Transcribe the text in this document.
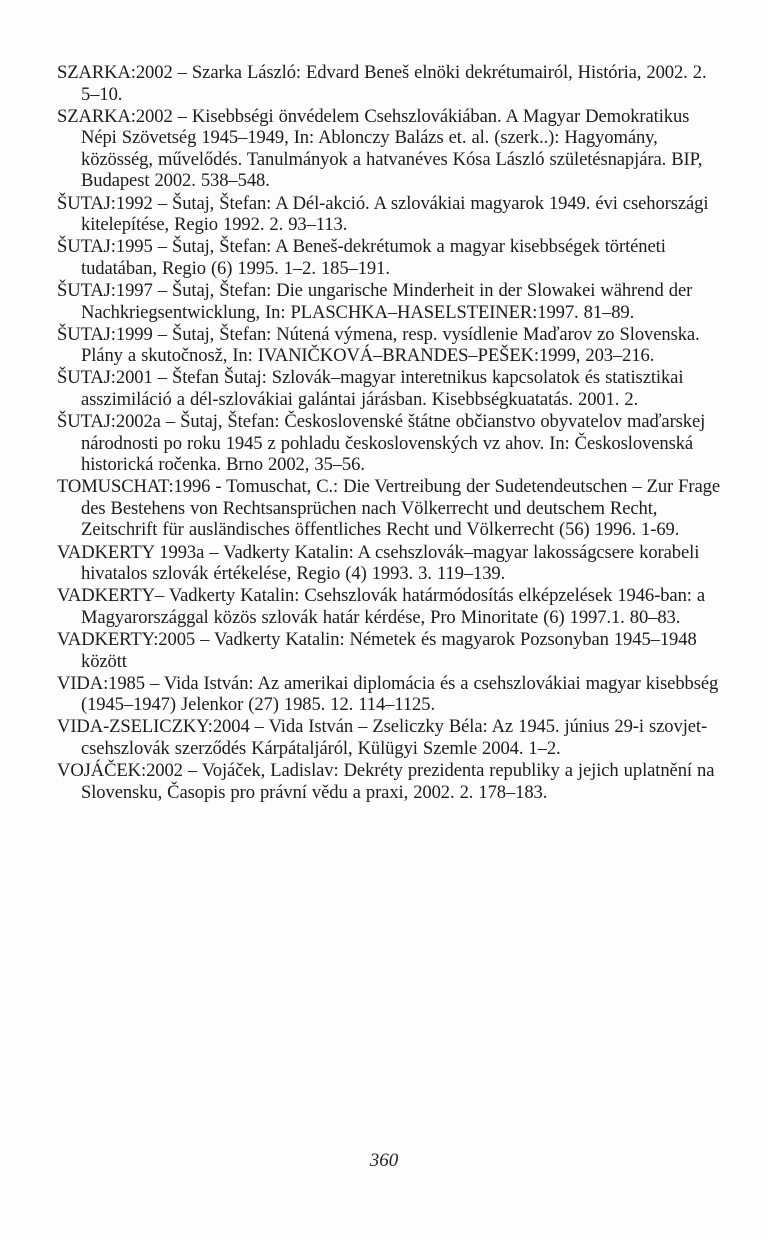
SZARKA:2002 – Szarka László: Edvard Beneš elnöki dekrétumairól, História, 2002. 2. 5–10.
SZARKA:2002 – Kisebbségi önvédelem Csehszlovákiában. A Magyar Demokratikus Népi Szövetség 1945–1949, In: Ablonczy Balázs et. al. (szerk..): Hagyomány, közösség, művelődés. Tanulmányok a hatvanéves Kósa László születésnapjára. BIP, Budapest 2002. 538–548.
ŠUTAJ:1992 – Šutaj, Štefan: A Dél-akció. A szlovákiai magyarok 1949. évi csehországi kitelepítése, Regio 1992. 2. 93–113.
ŠUTAJ:1995 – Šutaj, Štefan: A Beneš-dekrétumok a magyar kisebbségek történeti tudatában, Regio (6) 1995. 1–2. 185–191.
ŠUTAJ:1997 – Šutaj, Štefan: Die ungarische Minderheit in der Slowakei während der Nachkriegsentwicklung, In: PLASCHKA–HASELSTEINER:1997. 81–89.
ŠUTAJ:1999 – Šutaj, Štefan: Nútená výmena, resp. vysídlenie Maďarov zo Slovenska. Plány a skutočnosž, In: IVANIČKOVÁ–BRANDES–PEŠEK:1999, 203–216.
ŠUTAJ:2001 – Štefan Šutaj: Szlovák–magyar interetnikus kapcsolatok és statisztikai asszimiláció a dél-szlovákiai galántai járásban. Kisebbségkuatatás. 2001. 2.
ŠUTAJ:2002a – Šutaj, Štefan: Československé štátne občianstvo obyvatelov maďarskej národnosti po roku 1945 z pohladu československých vz ahov. In: Československá historická ročenka. Brno 2002, 35–56.
TOMUSCHAT:1996 - Tomuschat, C.: Die Vertreibung der Sudetendeutschen – Zur Frage des Bestehens von Rechtsansprüchen nach Völkerrecht und deutschem Recht, Zeitschrift für ausländisches öffentliches Recht und Völkerrecht (56) 1996. 1-69.
VADKERTY 1993a – Vadkerty Katalin: A csehszlovák–magyar lakosságcsere korabeli hivatalos szlovák értékelése, Regio (4) 1993. 3. 119–139.
VADKERTY– Vadkerty Katalin: Csehszlovák határmódosítás elképzelések 1946-ban: a Magyarországgal közös szlovák határ kérdése, Pro Minoritate (6) 1997.1. 80–83.
VADKERTY:2005 – Vadkerty Katalin: Németek és magyarok Pozsonyban 1945–1948 között
VIDA:1985 – Vida István: Az amerikai diplomácia és a csehszlovákiai magyar kisebbség (1945–1947) Jelenkor (27) 1985. 12. 114–1125.
VIDA-ZSELICZKY:2004 – Vida István – Zseliczky Béla: Az 1945. június 29-i szovjet-csehszlovák szerződés Kárpátaljáról, Külügyi Szemle 2004. 1–2.
VOJÁČEK:2002 – Vojáček, Ladislav: Dekréty prezidenta republiky a jejich uplatnění na Slovensku, Časopis pro právní vědu a praxi, 2002. 2. 178–183.
360
